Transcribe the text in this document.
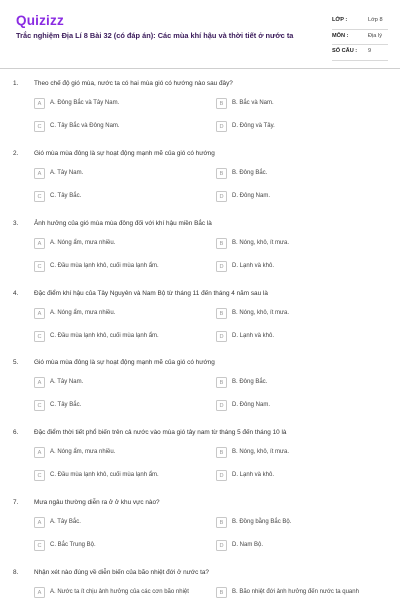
Quizizz
Trắc nghiệm Địa Lí 8 Bài 32 (có đáp án): Các mùa khí hậu và thời tiết ở nước ta
LỚP :	Lớp 8
MÔN :	Địa lý
SỐ CÂU : 9
1. Theo chế độ gió mùa, nước ta có hai mùa gió có hướng nào sau đây?
A	A. Đông Bắc và Tây Nam.	B	B. Bắc và Nam.
C	C. Tây Bắc và Đông Nam.	D	D. Đông và Tây.
2. Gió mùa mùa đông là sự hoạt động mạnh mẽ của gió có hướng
A	A. Tây Nam.	B	B. Đông Bắc.
C	C. Tây Bắc.	D	D. Đông Nam.
3. Ảnh hưởng của gió mùa mùa đông đối với khí hậu miền Bắc là
A	A. Nóng ẩm, mưa nhiều.	B	B. Nóng, khô, ít mưa.
C	C. Đầu mùa lạnh khô, cuối mùa lạnh ẩm.	D	D. Lạnh và khô.
4. Đặc điểm khí hậu của Tây Nguyên và Nam Bộ từ tháng 11 đến tháng 4 năm sau là
A	A. Nóng ẩm, mưa nhiều.	B	B. Nóng, khô, ít mưa.
C	C. Đầu mùa lạnh khô, cuối mùa lạnh ẩm.	D	D. Lạnh và khô.
5. Gió mùa mùa đông là sự hoạt động mạnh mẽ của gió có hướng
A	A. Tây Nam.	B	B. Đông Bắc.
C	C. Tây Bắc.	D	D. Đông Nam.
6. Đặc điểm thời tiết phổ biến trên cả nước vào mùa gió tây nam từ tháng 5 đến tháng 10 là
A	A. Nóng ẩm, mưa nhiều.	B	B. Nóng, khô, ít mưa.
C	C. Đầu mùa lạnh khô, cuối mùa lạnh ẩm.	D	D. Lạnh và khô.
7. Mưa ngâu thường diễn ra ở ở khu vực nào?
A	A. Tây Bắc.	B	B. Đồng bằng Bắc Bộ.
C	C. Bắc Trung Bộ.	D	D. Nam Bộ.
8. Nhận xét nào đúng về diễn biến của bão nhiệt đới ở nước ta?
A	A. Nước ta ít chịu ảnh hưởng của các cơn bão nhiệt	B	B. Bão nhiệt đới ảnh hưởng đến nước ta quanh
